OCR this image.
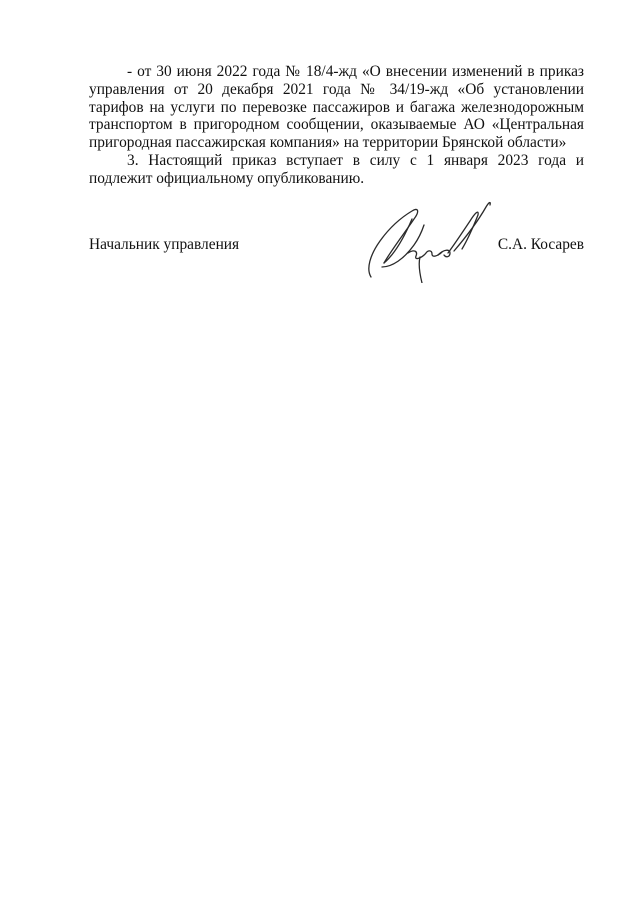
- от 30 июня 2022 года № 18/4-жд «О внесении изменений в приказ управления от 20 декабря 2021 года № 34/19-жд «Об установлении тарифов на услуги по перевозке пассажиров и багажа железнодорожным транспортом в пригородном сообщении, оказываемые АО «Центральная пригородная пассажирская компания» на территории Брянской области»

3. Настоящий приказ вступает в силу с 1 января 2023 года и подлежит официальному опубликованию.

Начальник управления	С.А. Косарев
